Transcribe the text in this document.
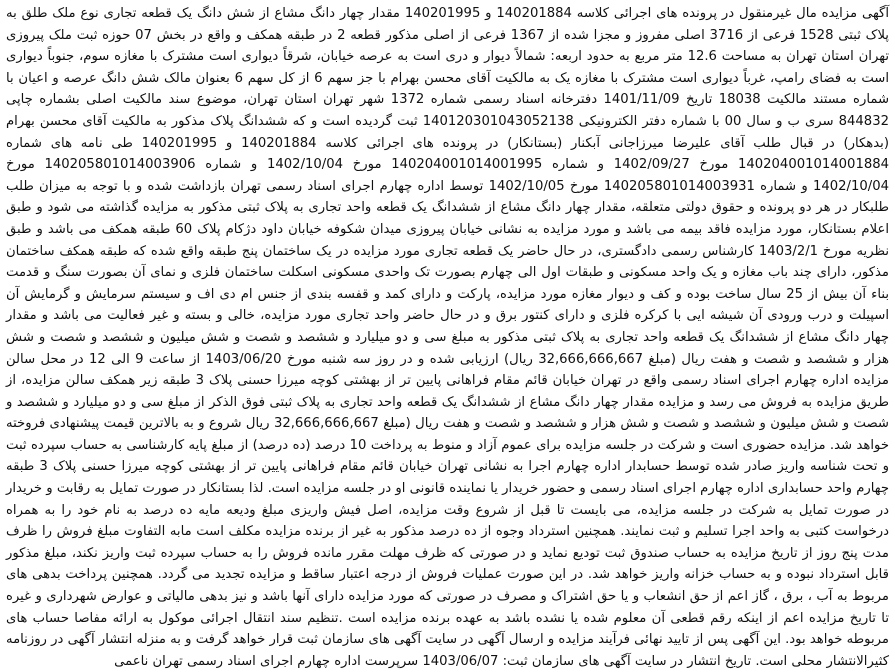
آگهی مزایده مال غیرمنقول در پرونده های اجرائی کلاسه 140201884 و 140201995 مقدار چهار دانگ مشاع از شش دانگ یک قطعه تجاری نوع ملک طلق به پلاک ثبتی 1528 فرعی از 3716 اصلی مفروز و مجزا شده از 1367 فرعی از اصلی مذکور قطعه 2 در طبقه همکف و واقع در بخش 07 حوزه ثبت ملک پیروزی تهران استان تهران به مساحت 12.6 متر مربع به حدود اربعه: شمالاً دیوار و دری است به عرصه خیابان، شرقاً دیواری است مشترک با مغازه سوم، جنوباً دیواری است به فضای رامپ، غرباً دیواری است مشترک با مغازه یک به مالکیت آقای محسن بهرام با جز سهم 6 از کل سهم 6 بعنوان مالک شش دانگ عرصه و اعیان با شماره مستند مالکیت 18038 تاریخ 1401/11/09 دفترخانه اسناد رسمی شماره 1372 شهر تهران استان تهران، موضوع سند مالکیت اصلی بشماره چاپی 844832 سری ب و سال 00 با شماره دفتر الکترونیکی 140120301043052138 ثبت گردیده است و که ششدانگ پلاک مذکور به مالکیت آقای محسن بهرام (بدهکار) در قبال طلب آقای علیرضا میرزاجانی آبکنار (بستانکار) در پرونده های اجرائی کلاسه 140201884 و 140201995 طی نامه های شماره 140204001014001884 مورخ 1402/09/27 و شماره 140204001014001995 مورخ 1402/10/04 و شماره 140205801014003906 مورخ 1402/10/04 و شماره 140205801014003931 مورخ 1402/10/05 توسط اداره چهارم اجرای اسناد رسمی تهران بازداشت شده و با توجه به میزان طلب طلبکار در هر دو پرونده و حقوق دولتی متعلقه، مقدار چهار دانگ مشاع از ششدانگ یک قطعه واحد تجاری به پلاک ثبتی مذکور به مزایده گذاشته می شود و طبق اعلام بستانکار، مورد مزایده فاقد بیمه می باشد و مورد مزایده به نشانی خیابان پیروزی میدان شکوفه خیابان داود دژکام پلاک 60 طبقه همکف می باشد و طبق نظریه مورخ 1403/2/1 کارشناس رسمی دادگستری، در حال حاضر یک قطعه تجاری مورد مزایده در یک ساختمان پنج طبقه واقع شده که طبقه همکف ساختمان مذکور، دارای چند باب مغازه و یک واحد مسکونی و طبقات اول الی چهارم بصورت تک واحدی مسکونی اسکلت ساختمان فلزی و نمای آن بصورت سنگ و قدمت بناء آن بیش از 25 سال ساخت بوده و کف و دیوار مغازه مورد مزایده، پارکت و دارای کمد و قفسه بندی از جنس ام دی اف و سیستم سرمایش و گرمایش آن اسپیلت و درب ورودی آن شیشه ایی با کرکره فلزی و دارای کنتور برق و در حال حاضر واحد تجاری مورد مزایده، خالی و بسته و غیر فعالیت می باشد و مقدار چهار دانگ مشاع از ششدانگ یک قطعه واحد تجاری به پلاک ثبتی مذکور به مبلغ سی و دو میلیارد و ششصد و شصت و شش میلیون و ششصد و شصت و شش هزار و ششصد و شصت و هفت ریال (مبلغ 32,666,666,667 ریال) ارزیابی شده و در روز سه شنبه مورخ 1403/06/20 از ساعت 9 الی 12 در محل سالن مزایده اداره چهارم اجرای اسناد رسمی واقع در تهران خیابان قائم مقام فراهانی پایین تر از بهشتی کوچه میرزا حسنی پلاک 3 طبقه زیر همکف سالن مزایده، از طریق مزایده به فروش می رسد و مزایده مقدار چهار دانگ مشاع از ششدانگ یک قطعه واحد تجاری به پلاک ثبتی فوق الذکر از مبلغ سی و دو میلیارد و ششصد و شصت و شش میلیون و ششصد و شصت و شش هزار و ششصد و شصت و هفت ریال (مبلغ 32,666,666,667 ریال شروع و به بالاترین قیمت پیشنهادی فروخته خواهد شد. مزایده حضوری است و شرکت در جلسه مزایده برای عموم آزاد و منوط به پرداخت 10 درصد (ده درصد) از مبلغ پایه کارشناسی به حساب سپرده ثبت و تحت شناسه واریز صادر شده توسط حسابدار اداره چهارم اجرا به نشانی تهران خیابان قائم مقام فراهانی پایین تر از بهشتی کوچه میرزا حسنی پلاک 3 طبقه چهارم واحد حسابداری اداره چهارم اجرای اسناد رسمی و حضور خریدار یا نماینده قانونی او در جلسه مزایده است. لذا بستانکار در صورت تمایل به رقابت و خریدار در صورت تمایل به شرکت در جلسه مزایده، می بایست تا قبل از شروع وقت مزایده، اصل فیش واریزی مبلغ ودیعه مایه ده درصد به نام خود را به همراه درخواست کتبی به واحد اجرا تسلیم و ثبت نمایند. همچنین استرداد وجوه از ده درصد مذکور به غیر از برنده مزایده مکلف است مابه التفاوت مبلغ فروش را ظرف مدت پنج روز از تاریخ مزایده به حساب صندوق ثبت تودیع نماید و در صورتی که ظرف مهلت مقرر مانده فروش را به حساب سپرده ثبت واریز نکند، مبلغ مذکور قابل استرداد نبوده و به حساب خزانه واریز خواهد شد. در این صورت عملیات فروش از درجه اعتبار ساقط و مزایده تجدید می گردد. همچنین پرداخت بدهی های مربوط به آب ، برق ، گاز اعم از حق انشعاب و یا حق اشتراک و مصرف در صورتی که مورد مزایده دارای آنها باشد و نیز بدهی مالیاتی و عوارض شهرداری و غیره تا تاریخ مزایده اعم از اینکه رقم قطعی آن معلوم شده یا نشده باشد به عهده برنده مزایده است .تنظیم سند انتقال اجرائی موکول به ارائه مفاصا حساب های مربوطه خواهد بود. این آگهی پس از تایید نهائی فرآیند مزایده و ارسال آگهی در سایت آگهی های سازمان ثبت قرار خواهد گرفت و به منزله انتشار آگهی در روزنامه کثیرالانتشار محلی است. تاریخ انتشار در سایت آگهی های سازمان ثبت: 1403/06/07 سرپرست اداره چهارم اجرای اسناد رسمی تهران ناعمی
